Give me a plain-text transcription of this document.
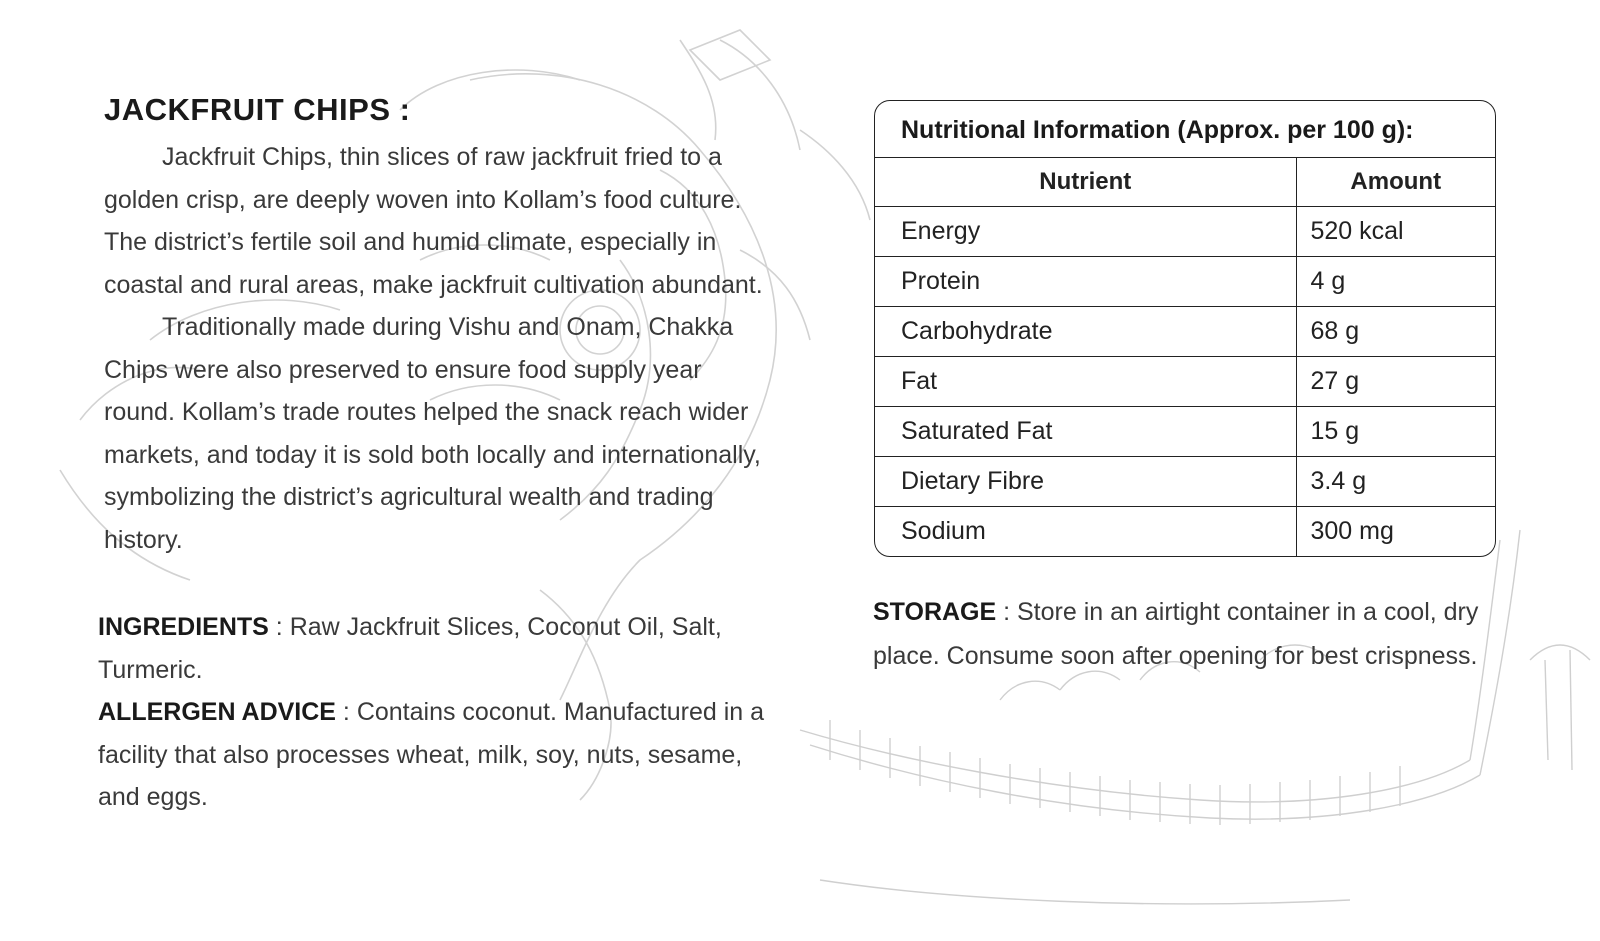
JACKFRUIT CHIPS :

Jackfruit Chips, thin slices of raw jackfruit fried to a golden crisp, are deeply woven into Kollam’s food culture. The district’s fertile soil and humid climate, especially in coastal and rural areas, make jackfruit cultivation abundant.

Traditionally made during Vishu and Onam, Chakka Chips were also preserved to ensure food supply year round. Kollam’s trade routes helped the snack reach wider markets, and today it is sold both locally and internationally, symbolizing the district’s agricultural wealth and trading history.

INGREDIENTS : Raw Jackfruit Slices, Coconut Oil, Salt, Turmeric.
ALLERGEN ADVICE : Contains coconut. Manufactured in a facility that also processes wheat, milk, soy, nuts, sesame, and eggs.
Nutritional Information (Approx. per 100 g):
Nutrient	Amount
Energy	520 kcal
Protein	4 g
Carbohydrate	68 g
Fat	27 g
Saturated Fat	15 g
Dietary Fibre	3.4 g
Sodium	300 mg
STORAGE : Store in an airtight container in a cool, dry place. Consume soon after opening for best crispness.
